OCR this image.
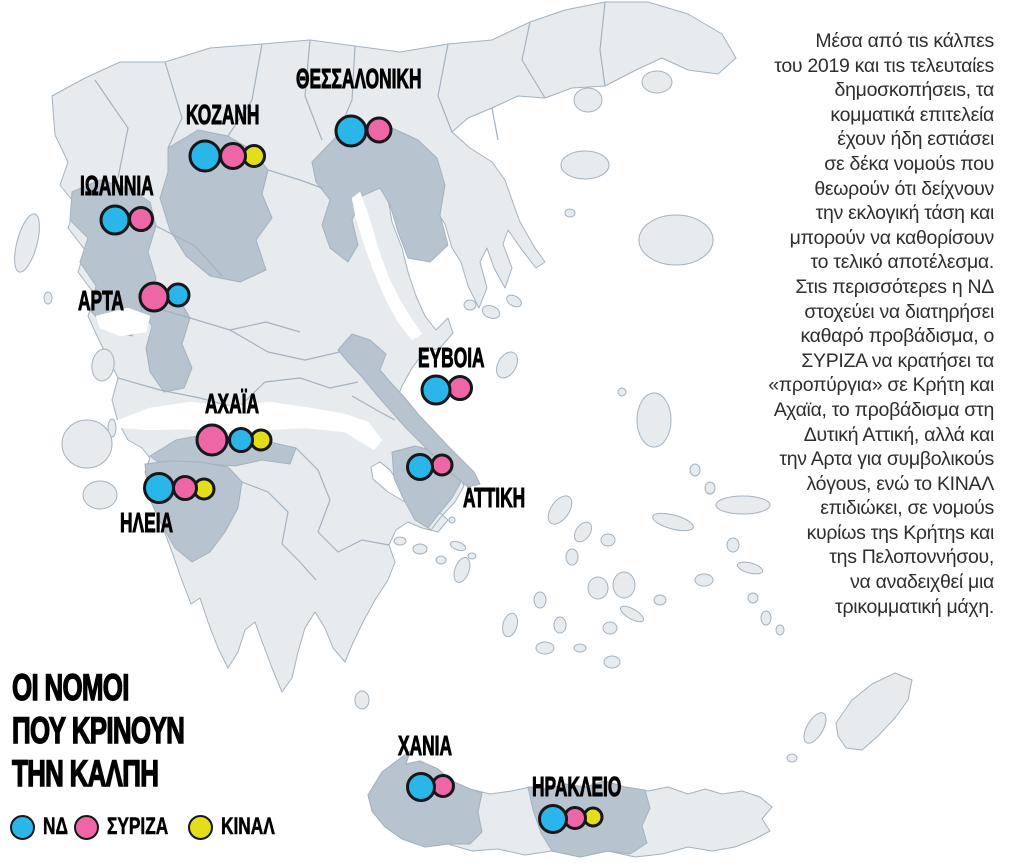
ΘΕΣΣΑΛΟΝΙΚΗ
ΚΟΖΑΝΗ
ΙΩΑΝΝΙΑ
ΑΡΤΑ
ΕΥΒΟΙΑ
ΑΧΑΪΑ
ΗΛΕΙΑ
ΑΤΤΙΚΗ
ΧΑΝΙΑ
ΗΡΑΚΛΕΙΟ
ΟΙ ΝΟΜΟΙ
ΠΟΥ ΚΡΙΝΟΥΝ
ΤΗΝ ΚΑΛΠΗ
ΝΔ ΣΥΡΙΖΑ ΚΙΝΑΛ
Μέσα από τιs κάλπεs
του 2019 και τιs τελευταίεs
δημοσκοπήσειs, τα
κομματικά επιτελεία
έχουν ήδη εστιάσει
σε δέκα νομούs που
θεωρούν ότι δείχνουν
την εκλογική τάση και
μπορούν να καθορίσουν
το τελικό αποτέλεσμα.
Στιs περισσότερεs η ΝΔ
στοχεύει να διατηρήσει
καθαρό προβάδισμα, ο
ΣΥΡΙΖΑ να κρατήσει τα
«προπύργια» σε Κρήτη και
Αχαϊα, το προβάδισμα στη
Δυτική Αττική, αλλά και
την Αρτα για συμβολικούs
λόγουs, ενώ το ΚΙΝΑΛ
επιδιώκει, σε νομούs
κυρίωs τηs Κρήτηs και
τηs Πελοποννήσου,
να αναδειχθεί μια
τρικομματική μάχη.
